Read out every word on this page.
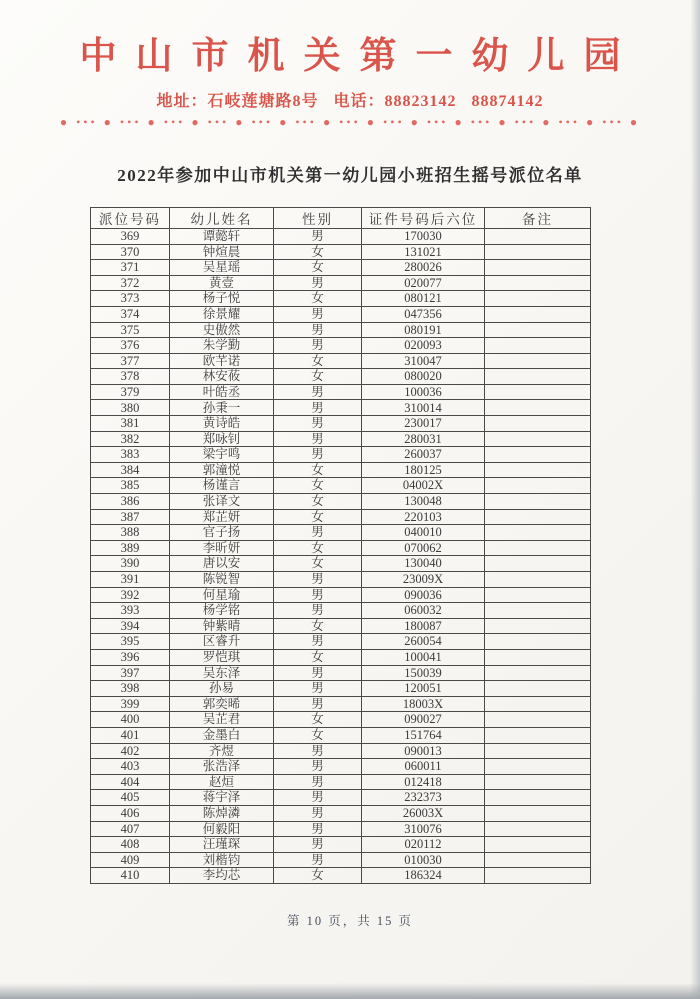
中山市机关第一幼儿园
地址：石岐莲塘路8号   电话：88823142   88874142
● ••• ● ••• ● ••• ● ••• ● ••• ● ••• ● ••• ● ••• ● ••• ● ••• ● ••• ● ••• ● ••• ●
2022年参加中山市机关第一幼儿园小班招生摇号派位名单
派位号码	幼儿姓名	性别	证件号码后六位	备注
369	谭懿轩	男	170030	
370	钟煊晨	女	131021	
371	吴星瑶	女	280026	
372	黄壹	男	020077	
373	杨子悦	女	080121	
374	徐景耀	男	047356	
375	史傲然	男	080191	
376	朱学勤	男	020093	
377	欧芊诺	女	310047	
378	林安莜	女	080020	
379	叶皓丞	男	100036	
380	孙秉一	男	310014	
381	黄诗皓	男	230017	
382	郑咏钊	男	280031	
383	梁宇鸣	男	260037	
384	郭潼悦	女	180125	
385	杨谨言	女	04002X	
386	张译文	女	130048	
387	郑芷妍	女	220103	
388	官子扬	男	040010	
389	李昕妍	女	070062	
390	唐以安	女	130040	
391	陈锐智	男	23009X	
392	何星瑜	男	090036	
393	杨学铭	男	060032	
394	钟紫晴	女	180087	
395	区睿升	男	260054	
396	罗恺琪	女	100041	
397	吴东泽	男	150039	
398	孙易	男	120051	
399	郭奕晞	男	18003X	
400	吴芷君	女	090027	
401	金墨白	女	151764	
402	齐煜	男	090013	
403	张浩泽	男	060011	
404	赵烜	男	012418	
405	蒋宇泽	男	232373	
406	陈焯潾	男	26003X	
407	何毅阳	男	310076	
408	汪瑾琛	男	020112	
409	刘楷钧	男	010030	
410	李均芯	女	186324	
第 10 页，共 15 页
